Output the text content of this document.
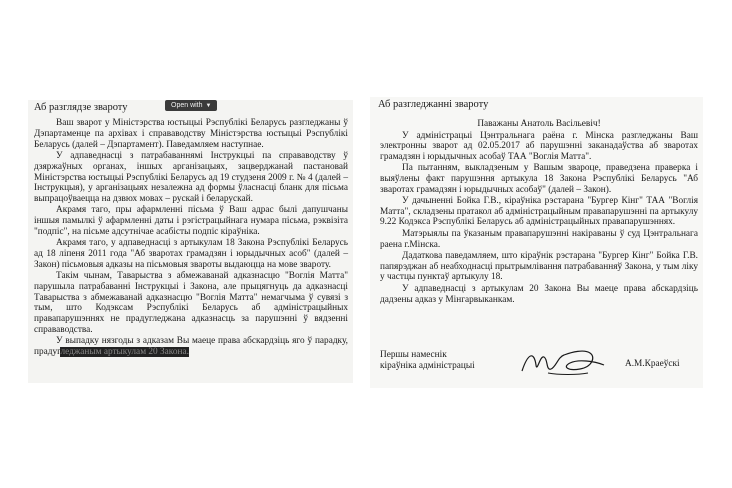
Аб разглядзе звароту	Open with ▼

Ваш зварот у Міністэрства юстыцыі Рэспублікі Беларусь разгледжаны ў Дэпартаменце па архівах і справаводству Міністэрства юстыцыі Рэспублікі Беларусь (далей – Дэпартамент). Паведамляем наступнае.

У адпаведнасці з патрабаваннямі Інструкцыі па справаводству ў дзяржаўных органах, іншых арганізацыях, зацверджанай пастановай Міністэрства юстыцыі Рэспублікі Беларусь ад 19 студзеня 2009 г. № 4 (далей – Інструкцыя), у арганізацыях незалежна ад формы ўласнасці бланк для пісьма выпрацоўваецца на дзвюх мовах – рускай і беларускай.

Акрамя таго, пры афармленні пісьма ў Ваш адрас былі дапушчаны іншыя памылкі ў афармленні даты і рэгістрацыйнага нумара пісьма, рэквізіта "подпіс", на пісьме адсутнічае асабісты подпіс кіраўніка.

Акрамя таго, у адпаведнасці з артыкулам 18 Закона Рэспублікі Беларусь ад 18 ліпеня 2011 года "Аб зваротах грамадзян і юрыдычных асоб" (далей – Закон) пісьмовыя адказы на пісьмовыя звароты выдаюцца на мове звароту.

Такім чынам, Таварыства з абмежаванай адказнасцю "Воглія Матта" парушыла патрабаванні Інструкцыі і Закона, але прыцягнуць да адказнасці Таварыства з абмежаванай адказнасцю "Воглія Матта" немагчыма ў сувязі з тым, што Кодэксам Рэспублікі Беларусь аб адміністрацыйных правапарушэннях не прадугледжана адказнасць за парушэнні ў вядзенні справаводства.

У выпадку нязгоды з адказам Вы маеце права абскардзіць яго ў парадку, прадугледжаным артыкулам 20 Закона.

Аб разгледжанні звароту

Паважаны Анатоль Васільевіч!

У адміністрацыі Цэнтральнага раёна г. Мінска разгледжаны Ваш электронны зварот ад 02.05.2017 аб парушэнні заканадаўства аб зваротах грамадзян і юрыдычных асобаў ТАА "Воглія Матта".

Па пытанням, выкладзеным у Вашым звароце, праведзена праверка і выяўлены факт парушэння артыкула 18 Закона Рэспублікі Беларусь "Аб зваротах грамадзян і юрыдычных асобаў" (далей – Закон).

У дачыненні Бойка Г.В., кіраўніка рэстарана "Бургер Кінг" ТАА "Воглія Матта", складзены пратакол аб адміністрацыйным правапарушэнні па артыкулу 9.22 Кодэкса Рэспублікі Беларусь аб адміністрацыйных правапарушэннях.

Матэрыялы па ўказаным правапарушэнні накіраваны ў суд Цэнтральнага раена г.Мінска.

Дадаткова паведамляем, што кіраўнік рэстарана "Бургер Кінг" Бойка Г.В. папярэджан аб неабходнасці прытрымлівання патрабаванняў Закона, у тым ліку у частцы пунктаў артыкулу 18.

У адпаведнасці з артыкулам 20 Закона Вы маеце права абскардзіць дадзены адказ у Мінгарвыканкам.

Першы намеснік
кіраўніка адміністрацыі	А.М.Краеўскі
